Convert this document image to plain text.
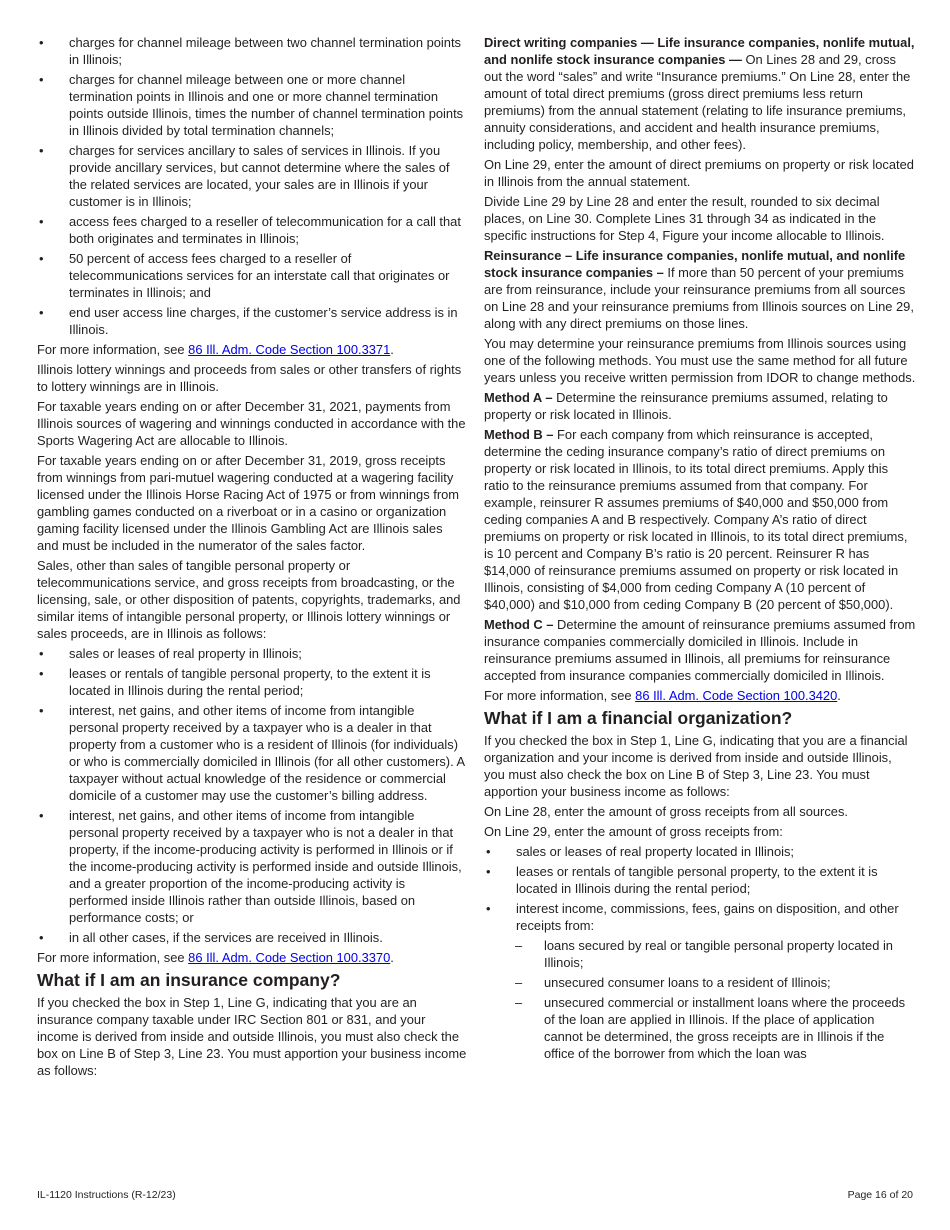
• charges for channel mileage between two channel termination points in Illinois;
• charges for channel mileage between one or more channel termination points in Illinois and one or more channel termination points outside Illinois, times the number of channel termination points in Illinois divided by total termination channels;
• charges for services ancillary to sales of services in Illinois. If you provide ancillary services, but cannot determine where the sales of the related services are located, your sales are in Illinois if your customer is in Illinois;
• access fees charged to a reseller of telecommunication for a call that both originates and terminates in Illinois;
• 50 percent of access fees charged to a reseller of telecommunications services for an interstate call that originates or terminates in Illinois; and
• end user access line charges, if the customer’s service address is in Illinois.

For more information, see 86 Ill. Adm. Code Section 100.3371.

Illinois lottery winnings and proceeds from sales or other transfers of rights to lottery winnings are in Illinois.

For taxable years ending on or after December 31, 2021, payments from Illinois sources of wagering and winnings conducted in accordance with the Sports Wagering Act are allocable to Illinois.

For taxable years ending on or after December 31, 2019, gross receipts from winnings from pari-mutuel wagering conducted at a wagering facility licensed under the Illinois Horse Racing Act of 1975 or from winnings from gambling games conducted on a riverboat or in a casino or organization gaming facility licensed under the Illinois Gambling Act are Illinois sales and must be included in the numerator of the sales factor.

Sales, other than sales of tangible personal property or telecommunications service, and gross receipts from broadcasting, or the licensing, sale, or other disposition of patents, copyrights, trademarks, and similar items of intangible personal property, or Illinois lottery winnings or sales proceeds, are in Illinois as follows:

• sales or leases of real property in Illinois;
• leases or rentals of tangible personal property, to the extent it is located in Illinois during the rental period;
• interest, net gains, and other items of income from intangible personal property received by a taxpayer who is a dealer in that property from a customer who is a resident of Illinois (for individuals) or who is commercially domiciled in Illinois (for all other customers). A taxpayer without actual knowledge of the residence or commercial domicile of a customer may use the customer’s billing address.
• interest, net gains, and other items of income from intangible personal property received by a taxpayer who is not a dealer in that property, if the income-producing activity is performed in Illinois or if the income-producing activity is performed inside and outside Illinois, and a greater proportion of the income-producing activity is performed inside Illinois rather than outside Illinois, based on performance costs; or
• in all other cases, if the services are received in Illinois.

For more information, see 86 Ill. Adm. Code Section 100.3370.

What if I am an insurance company?

If you checked the box in Step 1, Line G, indicating that you are an insurance company taxable under IRC Section 801 or 831, and your income is derived from inside and outside Illinois, you must also check the box on Line B of Step 3, Line 23. You must apportion your business income as follows:

Direct writing companies — Life insurance companies, nonlife mutual, and nonlife stock insurance companies — On Lines 28 and 29, cross out the word “sales” and write “Insurance premiums.” On Line 28, enter the amount of total direct premiums (gross direct premiums less return premiums) from the annual statement (relating to life insurance premiums, annuity considerations, and accident and health insurance premiums, including policy, membership, and other fees).

On Line 29, enter the amount of direct premiums on property or risk located in Illinois from the annual statement.

Divide Line 29 by Line 28 and enter the result, rounded to six decimal places, on Line 30. Complete Lines 31 through 34 as indicated in the specific instructions for Step 4, Figure your income allocable to Illinois.

Reinsurance – Life insurance companies, nonlife mutual, and nonlife stock insurance companies – If more than 50 percent of your premiums are from reinsurance, include your reinsurance premiums from all sources on Line 28 and your reinsurance premiums from Illinois sources on Line 29, along with any direct premiums on those lines.

You may determine your reinsurance premiums from Illinois sources using one of the following methods. You must use the same method for all future years unless you receive written permission from IDOR to change methods.

Method A – Determine the reinsurance premiums assumed, relating to property or risk located in Illinois.

Method B – For each company from which reinsurance is accepted, determine the ceding insurance company’s ratio of direct premiums on property or risk located in Illinois, to its total direct premiums. Apply this ratio to the reinsurance premiums assumed from that company. For example, reinsurer R assumes premiums of $40,000 and $50,000 from ceding companies A and B respectively. Company A’s ratio of direct premiums on property or risk located in Illinois, to its total direct premiums, is 10 percent and Company B’s ratio is 20 percent. Reinsurer R has $14,000 of reinsurance premiums assumed on property or risk located in Illinois, consisting of $4,000 from ceding Company A (10 percent of $40,000) and $10,000 from ceding Company B (20 percent of $50,000).

Method C – Determine the amount of reinsurance premiums assumed from insurance companies commercially domiciled in Illinois. Include in reinsurance premiums assumed in Illinois, all premiums for reinsurance accepted from insurance companies commercially domiciled in Illinois.

For more information, see 86 Ill. Adm. Code Section 100.3420.

What if I am a financial organization?

If you checked the box in Step 1, Line G, indicating that you are a financial organization and your income is derived from inside and outside Illinois, you must also check the box on Line B of Step 3, Line 23. You must apportion your business income as follows:

On Line 28, enter the amount of gross receipts from all sources.

On Line 29, enter the amount of gross receipts from:

• sales or leases of real property located in Illinois;
• leases or rentals of tangible personal property, to the extent it is located in Illinois during the rental period;
• interest income, commissions, fees, gains on disposition, and other receipts from:
– loans secured by real or tangible personal property located in Illinois;
– unsecured consumer loans to a resident of Illinois;
– unsecured commercial or installment loans where the proceeds of the loan are applied in Illinois. If the place of application cannot be determined, the gross receipts are in Illinois if the office of the borrower from which the loan was
IL-1120 Instructions (R-12/23)	Page 16 of 20
